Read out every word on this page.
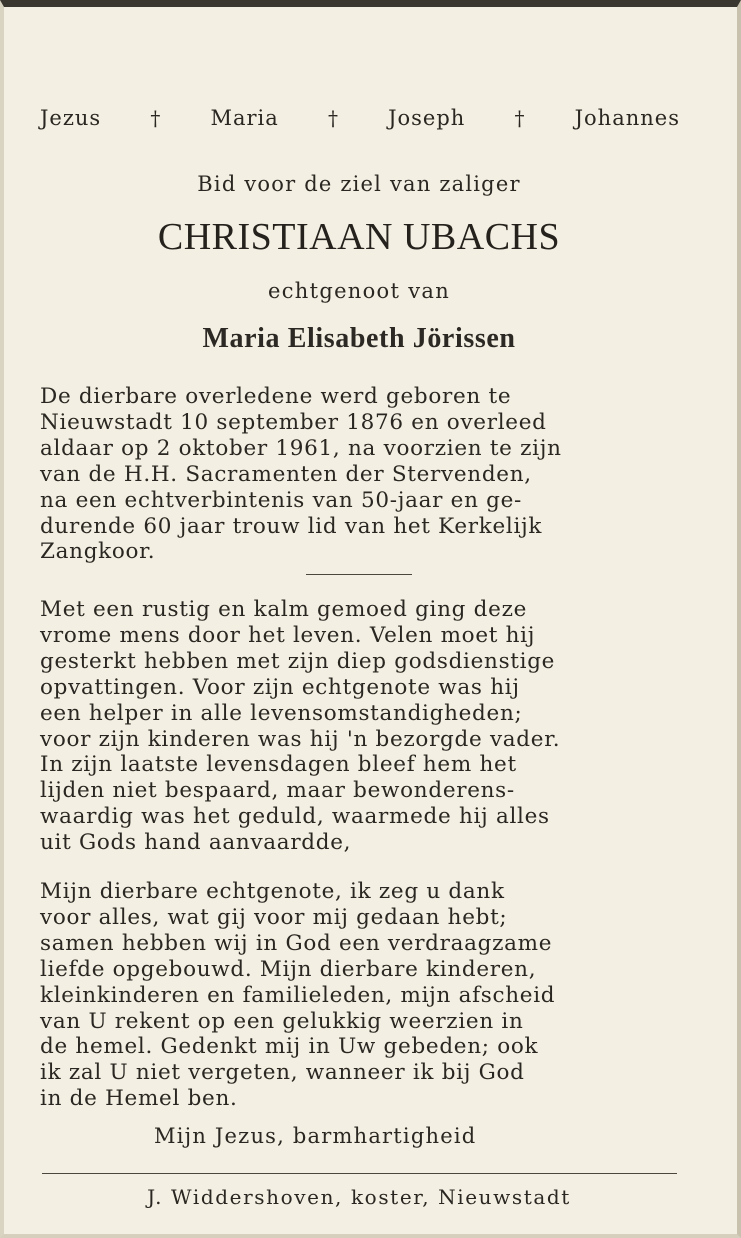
Jezus † Maria † Joseph † Johannes
Bid voor de ziel van zaliger
CHRISTIAAN UBACHS
echtgenoot van
Maria Elisabeth Jörissen
De dierbare overledene werd geboren te
Nieuwstadt 10 september 1876 en overleed
aldaar op 2 oktober 1961, na voorzien te zijn
van de H.H. Sacramenten der Stervenden,
na een echtverbintenis van 50-jaar en ge-
durende 60 jaar trouw lid van het Kerkelijk
Zangkoor.
Met een rustig en kalm gemoed ging deze
vrome mens door het leven. Velen moet hij
gesterkt hebben met zijn diep godsdienstige
opvattingen. Voor zijn echtgenote was hij
een helper in alle levensomstandigheden;
voor zijn kinderen was hij 'n bezorgde vader.
In zijn laatste levensdagen bleef hem het
lijden niet bespaard, maar bewonderens-
waardig was het geduld, waarmede hij alles
uit Gods hand aanvaardde,
Mijn dierbare echtgenote, ik zeg u dank
voor alles, wat gij voor mij gedaan hebt;
samen hebben wij in God een verdraagzame
liefde opgebouwd. Mijn dierbare kinderen,
kleinkinderen en familieleden, mijn afscheid
van U rekent op een gelukkig weerzien in
de hemel. Gedenkt mij in Uw gebeden; ook
ik zal U niet vergeten, wanneer ik bij God
in de Hemel ben.
Mijn Jezus, barmhartigheid
J. Widdershoven, koster, Nieuwstadt
